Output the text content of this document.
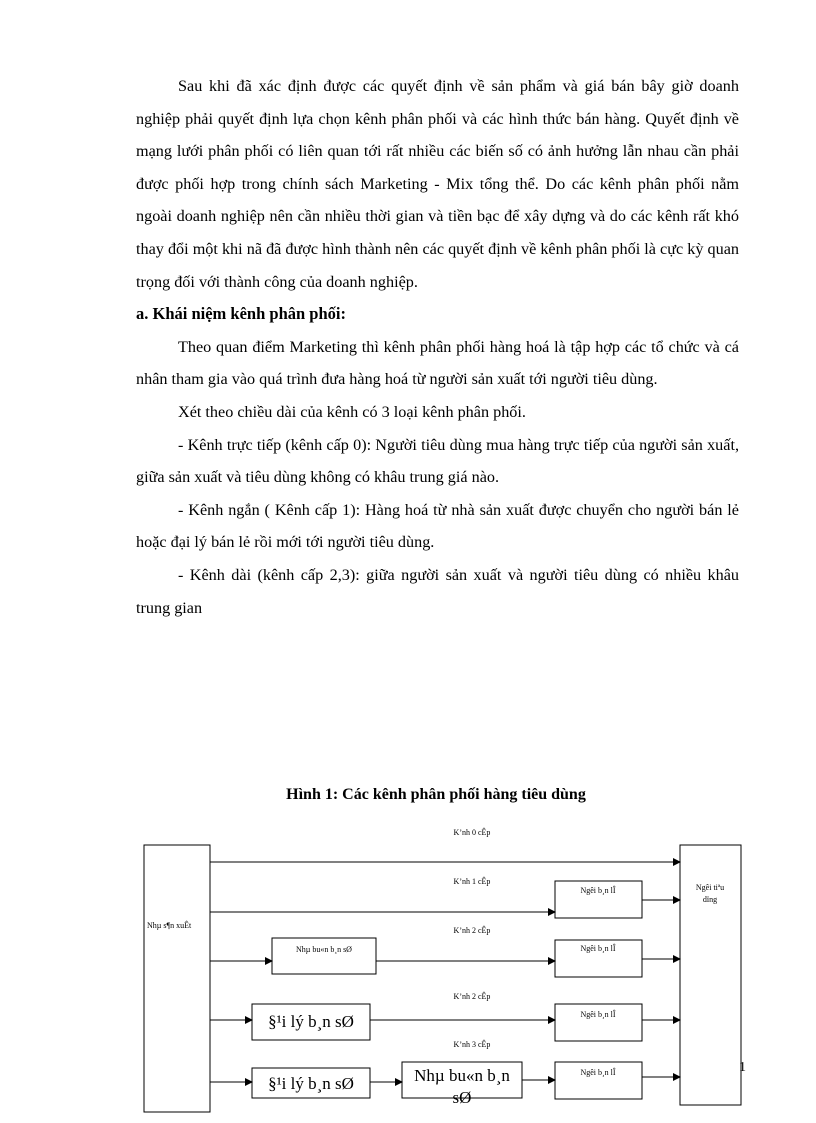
Sau khi đã xác định được các quyết định về sản phẩm và giá bán bây giờ doanh nghiệp phải quyết định lựa chọn kênh phân phối và các hình thức bán hàng. Quyết định về mạng lưới phân phối có liên quan tới rất nhiều các biến số có ảnh hưởng lẫn nhau cần phải được phối hợp trong chính sách Marketing - Mix tổng thể. Do các kênh phân phối nằm ngoài doanh nghiệp nên cần nhiều thời gian và tiền bạc để xây dựng và do các kênh rất khó thay đổi một khi nã đã được hình thành nên các quyết định về kênh phân phối là cực kỳ quan trọng đối với thành công của doanh nghiệp.

a. Khái niệm kênh phân phối:

Theo quan điểm Marketing thì kênh phân phối hàng hoá là tập hợp các tổ chức và cá nhân tham gia vào quá trình đưa hàng hoá từ người sản xuất tới người tiêu dùng.

Xét theo chiều dài của kênh có 3 loại kênh phân phối.

- Kênh trực tiếp (kênh cấp 0): Người tiêu dùng mua hàng trực tiếp của người sản xuất, giữa sản xuất và tiêu dùng không có khâu trung giá nào.

- Kênh ngắn ( Kênh cấp 1): Hàng hoá từ nhà sản xuất được chuyển cho người bán lẻ hoặc đại lý bán lẻ rồi mới tới người tiêu dùng.

- Kênh dài (kênh cấp 2,3): giữa người sản xuất và người tiêu dùng có nhiều khâu trung gian

Hình 1: Các kênh phân phối hàng tiêu dùng
Nhµ s¶n xuÊt
Ngêi tiªu
dïng
K’nh 0 cÊp
K’nh 1 cÊp
K’nh 2 cÊp
K’nh 2 cÊp
K’nh 3 cÊp
Ngêi b¸n lÎ
Ngêi b¸n lÎ
Ngêi b¸n lÎ
Ngêi b¸n lÎ
Nhµ bu«n b¸n sØ
§¹i lý b¸n sØ
§¹i lý b¸n sØ	Nhµ bu«n b¸n
sØ
1
